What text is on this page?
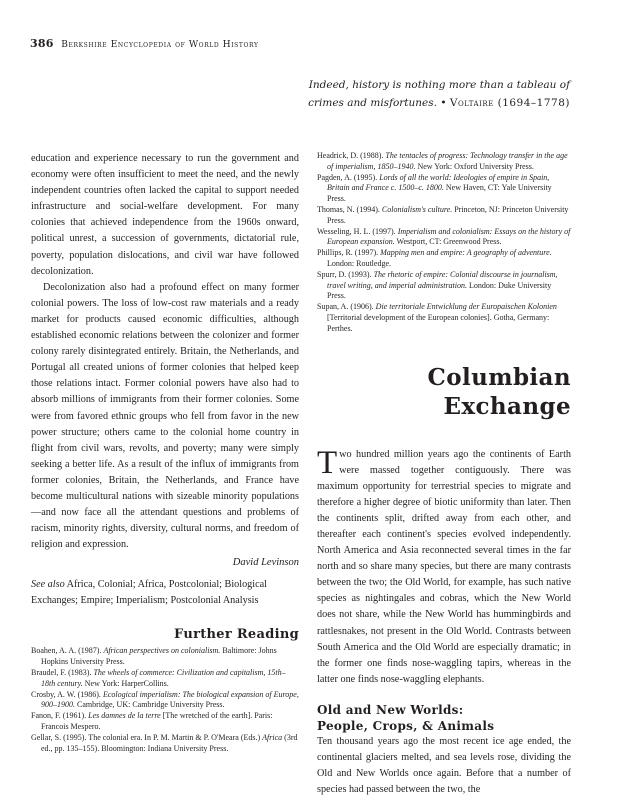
386 Berkshire Encyclopedia of World History
Indeed, history is nothing more than a tableau of
crimes and misfortunes. • Voltaire (1694–1778)

education and experience necessary to run the government and economy were often insufficient to meet the need, and the newly independent countries often lacked the capital to support needed infrastructure and social-welfare development. For many colonies that achieved independence from the 1960s onward, political unrest, a succession of governments, dictatorial rule, poverty, population dislocations, and civil war have followed decolonization.

Decolonization also had a profound effect on many former colonial powers. The loss of low-cost raw materials and a ready market for products caused economic difficulties, although established economic relations between the colonizer and former colony rarely disintegrated entirely. Britain, the Netherlands, and Portugal all created unions of former colonies that helped keep those relations intact. Former colonial powers have also had to absorb millions of immigrants from their former colonies. Some were from favored ethnic groups who fell from favor in the new power structure; others came to the colonial home country in flight from civil wars, revolts, and poverty; many were simply seeking a better life. As a result of the influx of immigrants from former colonies, Britain, the Netherlands, and France have become multicultural nations with sizeable minority populations—and now face all the attendant questions and problems of racism, minority rights, diversity, cultural norms, and freedom of religion and expression.

David Levinson

See also Africa, Colonial; Africa, Postcolonial; Biological Exchanges; Empire; Imperialism; Postcolonial Analysis

Further Reading
Boahen, A. A. (1987). African perspectives on colonialism. Baltimore: Johns Hopkins University Press.
Braudel, F. (1983). The wheels of commerce: Civilization and capitalism, 15th–18th century. New York: HarperCollins.
Crosby, A. W. (1986). Ecological imperialism: The biological expansion of Europe, 900–1900. Cambridge, UK: Cambridge University Press.
Fanon, F. (1961). Les damnes de la terre [The wretched of the earth]. Paris: Francois Mespero.
Gellar, S. (1995). The colonial era. In P. M. Martin & P. O'Meara (Eds.) Africa (3rd ed., pp. 135–155). Bloomington: Indiana University Press.
Headrick, D. (1988). The tentacles of progress: Technology transfer in the age of imperialism, 1850–1940. New York: Oxford University Press.
Pagden, A. (1995). Lords of all the world: Ideologies of empire in Spain, Britain and France c. 1500–c. 1800. New Haven, CT: Yale University Press.
Thomas, N. (1994). Colonialism's culture. Princeton, NJ: Princeton University Press.
Wesseling, H. L. (1997). Imperialism and colonialism: Essays on the history of European expansion. Westport, CT: Greenwood Press.
Phillips, R. (1997). Mapping men and empire: A geography of adventure. London: Routledge.
Spurr, D. (1993). The rhetoric of empire: Colonial discourse in journalism, travel writing, and imperial administration. London: Duke University Press.
Supan, A. (1906). Die territoriale Entwicklung der Europaischen Kolonien [Territorial development of the European colonies]. Gotha, Germany: Perthes.
Columbian
Exchange

Two hundred million years ago the continents of Earth were massed together contiguously. There was maximum opportunity for terrestrial species to migrate and therefore a higher degree of biotic uniformity than later. Then the continents split, drifted away from each other, and thereafter each continent's species evolved independently. North America and Asia reconnected several times in the far north and so share many species, but there are many contrasts between the two; the Old World, for example, has such native species as nightingales and cobras, which the New World does not share, while the New World has hummingbirds and rattlesnakes, not present in the Old World. Contrasts between South America and the Old World are especially dramatic; in the former one finds nose-waggling tapirs, whereas in the latter one finds nose-waggling elephants.

Old and New Worlds:
People, Crops, & Animals

Ten thousand years ago the most recent ice age ended, the continental glaciers melted, and sea levels rose, dividing the Old and New Worlds once again. Before that a number of species had passed between the two, the
